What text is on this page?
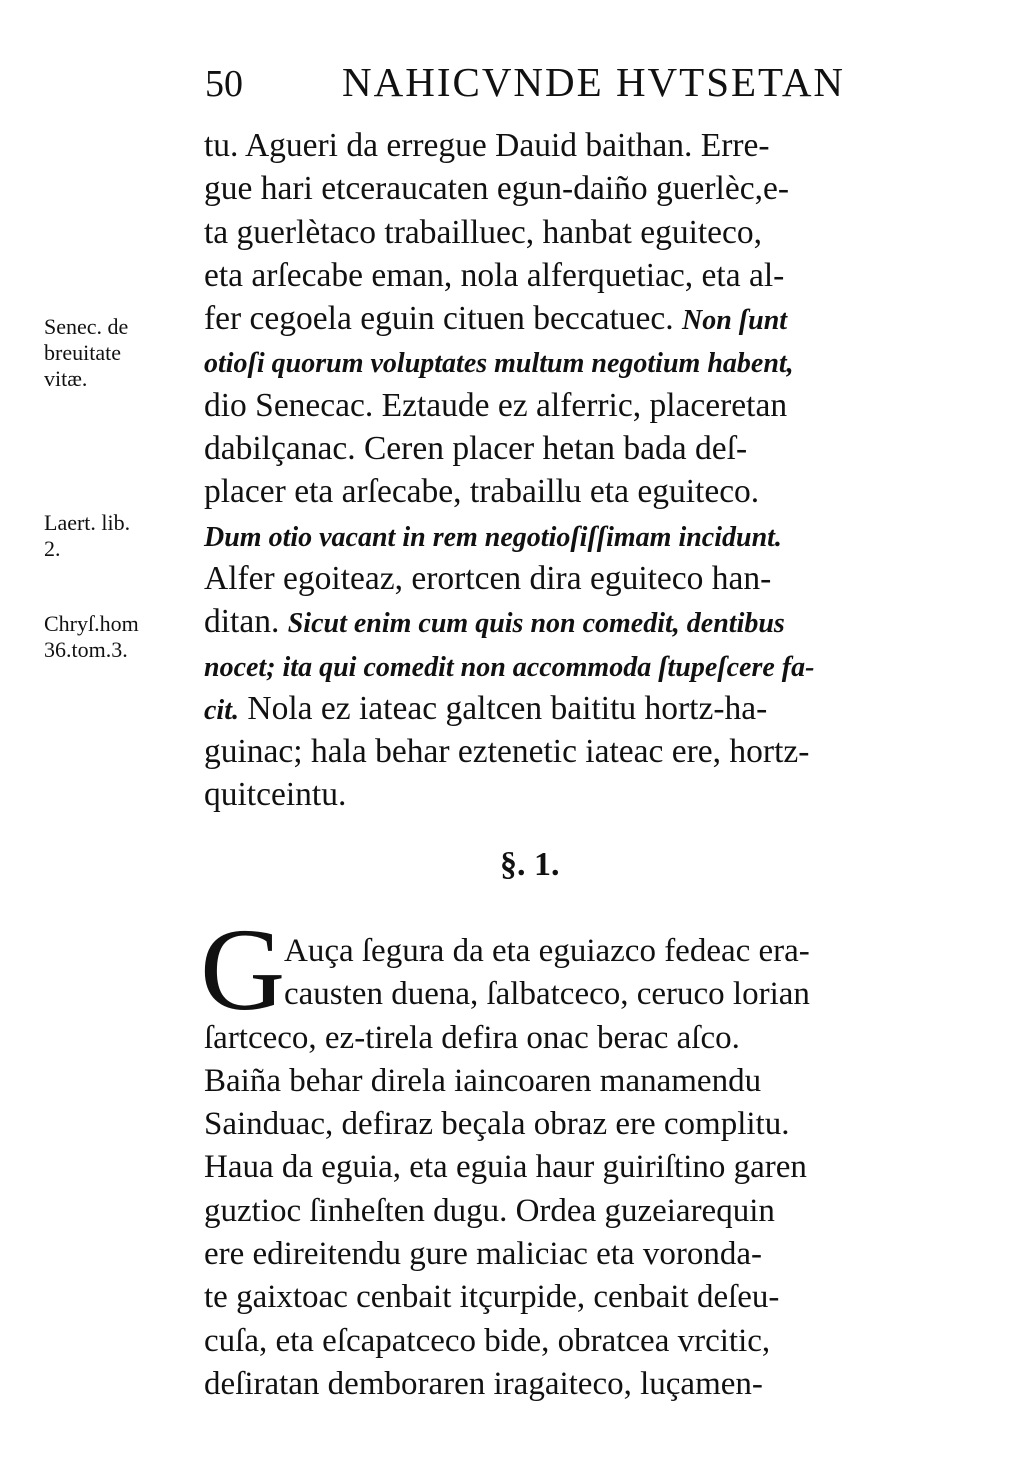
50 NAHICVNDE HVTSETAN
Senec. de
breuitate
vitæ.
Laert. lib.
2.
Chryſ.hom
36.tom.3.
tu. Agueri da erregue Dauid baithan. Erre-
gue hari etceraucaten egun-daiño guerlèc,e-
ta guerlètaco trabailluec, hanbat eguiteco,
eta arſecabe eman, nola alferquetiac, eta al-
fer cegoela eguin cituen beccatuec. Non ſunt
otioſi quorum voluptates multum negotium habent,
dio Senecac. Eztaude ez alferric, placeretan
dabilçanac. Ceren placer hetan bada deſ-
placer eta arſecabe, trabaillu eta eguiteco.
Dum otio vacant in rem negotioſiſſimam incidunt.
Alfer egoiteaz, erortcen dira eguiteco han-
ditan. Sicut enim cum quis non comedit, dentibus
nocet; ita qui comedit non accommoda ſtupeſcere fa-
cit. Nola ez iateac galtcen baititu hortz-ha-
guinac; hala behar eztenetic iateac ere, hortz-
quitceintu.
§. 1.
G
Auça ſegura da eta eguiazco fedeac era-
causten duena, ſalbatceco, ceruco lorian
ſartceco, ez-tirela defira onac berac aſco.
Baiña behar direla iaincoaren manamendu
Sainduac, defiraz beçala obraz ere complitu.
Haua da eguia, eta eguia haur guiriſtino garen
guztioc ſinheſten dugu. Ordea guzeiarequin
ere edireitendu gure maliciac eta voronda-
te gaixtoac cenbait itçurpide, cenbait deſeu-
cuſa, eta eſcapatceco bide, obratcea vrcitic,
deſiratan demboraren iragaiteco, luçamen-
